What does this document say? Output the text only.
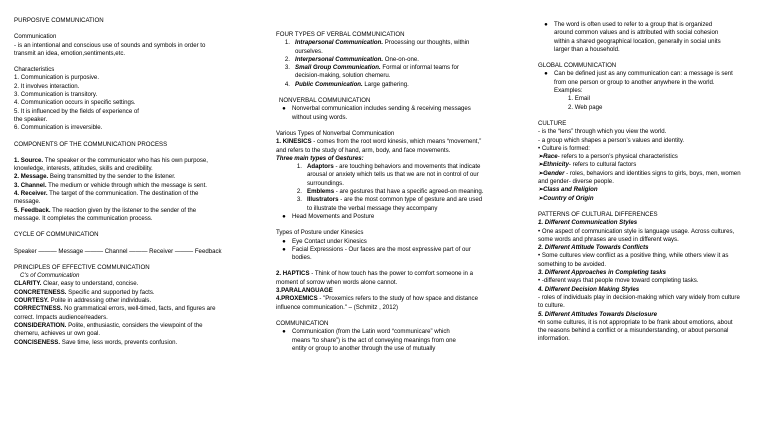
PURPOSIVE COMMUNICATION
Communication
- is an intentional and conscious use of sounds and symbols in order to
transmit an idea, emotion,sentiments,etc.
Characteristics
1. Communication is purposive.
2. It involves interaction.
3. Communication is transitory.
4. Communication occurs in specific settings.
5. It is influenced by the fields of experience of
the speaker.
6. Communication is irreversible.
COMPONENTS OF THE COMMUNICATION PROCESS
1. Source. The speaker or the communicator who has his own purpose,
knowledge, interests, attitudes, skills and credibility.
2. Message. Being transmitted by the sender to the listener.
3. Channel. The medium or vehicle through which the message is sent.
4. Receiver. The target of the communication. The destination of the
message.
5. Feedback. The reaction given by the listener to the sender of the
message. It completes the communication process.
CYCLE OF COMMUNICATION
Speaker ——— Message ——— Channel ——— Receiver ——— Feedback
PRINCIPLES OF EFFECTIVE COMMUNICATION
C's of Communication
CLARITY. Clear, easy to understand, concise.
CONCRETENESS. Specific and supported by facts.
COURTESY. Polite in addressing other individuals.
CORRECTNESS. No grammatical errors, well-timed, facts, and figures are
correct. Impacts audience/readers.
CONSIDERATION. Polite, enthusiastic, considers the viewpoint of the
chemeru, achieves ur own goal.
CONCISENESS. Save time, less words, prevents confusion.
FOUR TYPES OF VERBAL COMMUNICATION
1. Intrapersonal Communication. Processing our thoughts, within
ourselves.
2. Interpersonal Communication. One-on-one.
3. Small Group Communication. Formal or informal teams for
decision-making, solution chemeru.
4. Public Communication. Large gathering.
NONVERBAL COMMUNICATION
●	Nonverbal communication includes sending & receiving messages
without using words.
Various Types of Nonverbal Communication
1. KINESICS - comes from the root word kinesis, which means “movement,”
and refers to the study of hand, arm, body, and face movements.
Three main types of Gestures:
1. Adaptors - are touching behaviors and movements that indicate
arousal or anxiety which tells us that we are not in control of our
surroundings.
2. Emblems - are gestures that have a specific agreed-on meaning.
3. Illustrators - are the most common type of gesture and are used
to illustrate the verbal message they accompany
●	Head Movements and Posture
Types of Posture under Kinesics
●	Eye Contact under Kinesics
●	Facial Expressions - Our faces are the most expressive part of our
bodies.
2. HAPTICS - Think of how touch has the power to comfort someone in a
moment of sorrow when words alone cannot.
3.PARALANGUAGE
4.PROXEMICS - "Proxemics refers to the study of how space and distance
influence communication." – (Schmitz , 2012)
COMMUNICATION
●	Communication (from the Latin word “communicare” which
means “to share”) is the act of conveying meanings from one
entity or group to another through the use of mutually
●	The word is often used to refer to a group that is organized
around common values and is attributed with social cohesion
within a shared geographical location, generally in social units
larger than a household.
GLOBAL COMMUNICATION
●	Can be defined just as any communication can: a message is sent
from one person or group to another anywhere in the world.
Examples:
1. Email
2. Web page
CULTURE
- is the “lens” through which you view the world.
- a group which shapes a person’s values and identity.
• Culture is formed:
➢Race- refers to a person’s physical characteristics
➢Ethnicity- refers to cultural factors
➢Gender - roles, behaviors and identities signs to girls, boys, men, women
and gender- diverse people.
➢Class and Religion
➢Country of Origin
PATTERNS OF CULTURAL DIFFERENCES
1. Different Communication Styles
• One aspect of communication style is language usage. Across cultures,
some words and phrases are used in different ways.
2. Different Attitude Towards Conflicts
• Some cultures view conflict as a positive thing, while others view it as
something to be avoided.
3. Different Approaches in Completing tasks
• -different ways that people move toward completing tasks.
4. Different Decision Making Styles
- roles of individuals play in decision-making which vary widely from culture
to culture.
5. Different Attitudes Towards Disclosure
•In some cultures, it is not appropriate to be frank about emotions, about
the reasons behind a conflict or a misunderstanding, or about personal
information.
